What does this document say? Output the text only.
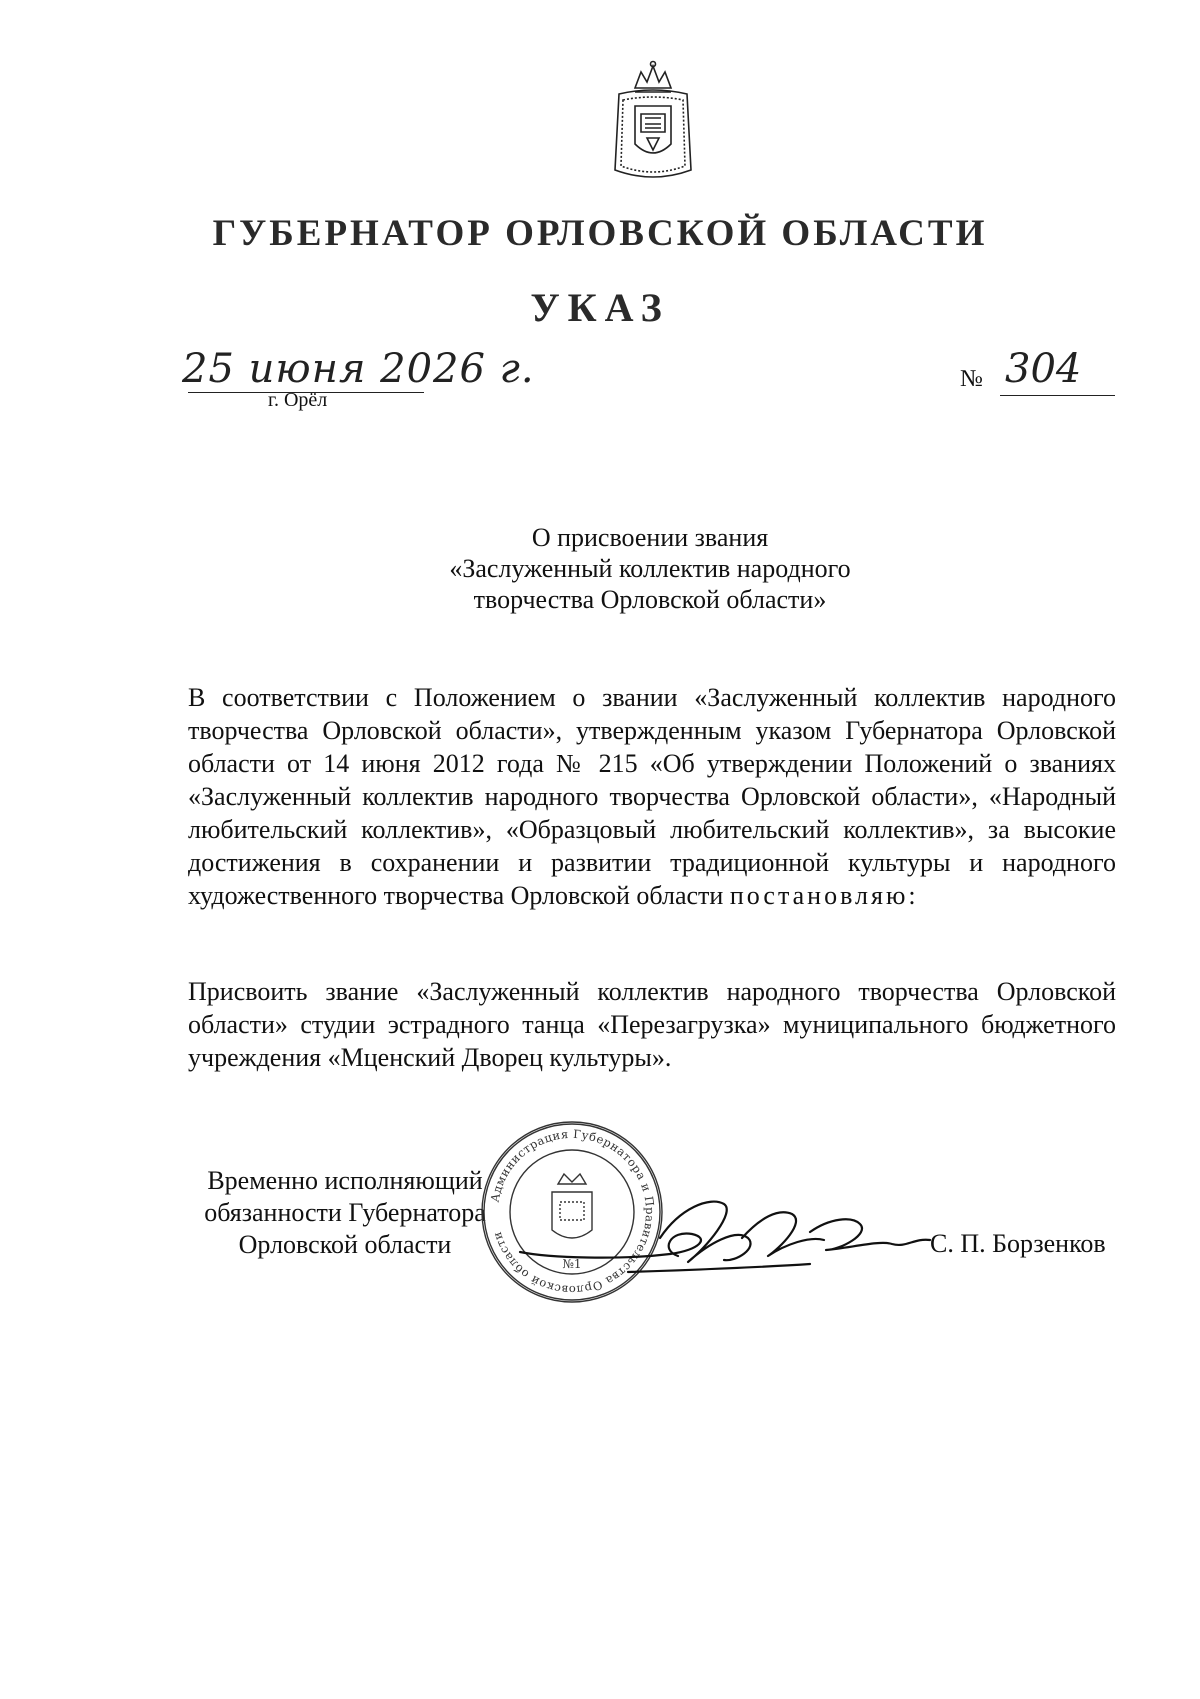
ГУБЕРНАТОР ОРЛОВСКОЙ ОБЛАСТИ
УКАЗ
25 июня 2026 г.
г. Орёл
№ 304
О присвоении звания
«Заслуженный коллектив народного
творчества Орловской области»
В соответствии с Положением о звании «Заслуженный коллектив народного творчества Орловской области», утвержденным указом Губернатора Орловской области от 14 июня 2012 года № 215 «Об утверждении Положений о званиях «Заслуженный коллектив народного творчества Орловской области», «Народный любительский коллектив», «Образцовый любительский коллектив», за высокие достижения в сохранении и развитии традиционной культуры и народного художественного творчества Орловской области постановляю:
Присвоить звание «Заслуженный коллектив народного творчества Орловской области» студии эстрадного танца «Перезагрузка» муниципального бюджетного учреждения «Мценский Дворец культуры».
Временно исполняющий
обязанности Губернатора
Орловской области
Администрация Губернатора и Правительства Орловской области
№1
С. П. Борзенков
